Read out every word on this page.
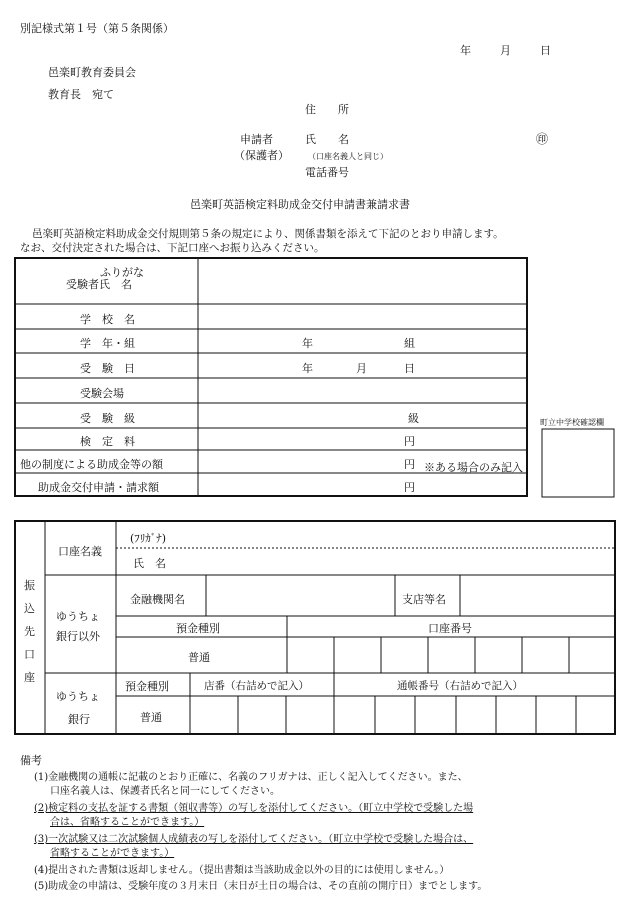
別記様式第１号（第５条関係）
年	月	日
邑楽町教育委員会
教育長　宛て
住　　所
申請者	氏　　名	㊞
（保護者） （口座名義人と同じ）
電話番号
邑楽町英語検定料助成金交付申請書兼請求書
邑楽町英語検定料助成金交付規則第５条の規定により、関係書類を添えて下記のとおり申請します。
なお、交付決定された場合は、下記口座へお振り込みください。
ふりがな
受験者氏　名
学　校　名
学　年・組	年	組
受　験　日	年	月	日
受験会場
受　験　級	級
検　定　料	円
他の制度による助成金等の額	円 ※ある場合のみ記入
助成金交付申請・請求額	円
町立中学校確認欄
振
込
先
口
座
口座名義
(ﾌﾘｶﾞﾅ)
氏　名
ゆうちょ
銀行以外
金融機関名	支店等名
預金種別	口座番号
普通
ゆうちょ
銀行
預金種別	店番（右詰めで記入）	通帳番号（右詰めで記入）
普通
備考
(1)金融機関の通帳に記載のとおり正確に、名義のフリガナは、正しく記入してください。また、
口座名義人は、保護者氏名と同一にしてください。
(2)検定料の支払を証する書類（領収書等）の写しを添付してください。（町立中学校で受験した場
合は、省略することができます。）
(3)一次試験又は二次試験個人成績表の写しを添付してください。（町立中学校で受験した場合は、
省略することができます。）
(4)提出された書類は返却しません。（提出書類は当該助成金以外の目的には使用しません。）
(5)助成金の申請は、受験年度の３月末日（末日が土日の場合は、その直前の開庁日）までとします。
